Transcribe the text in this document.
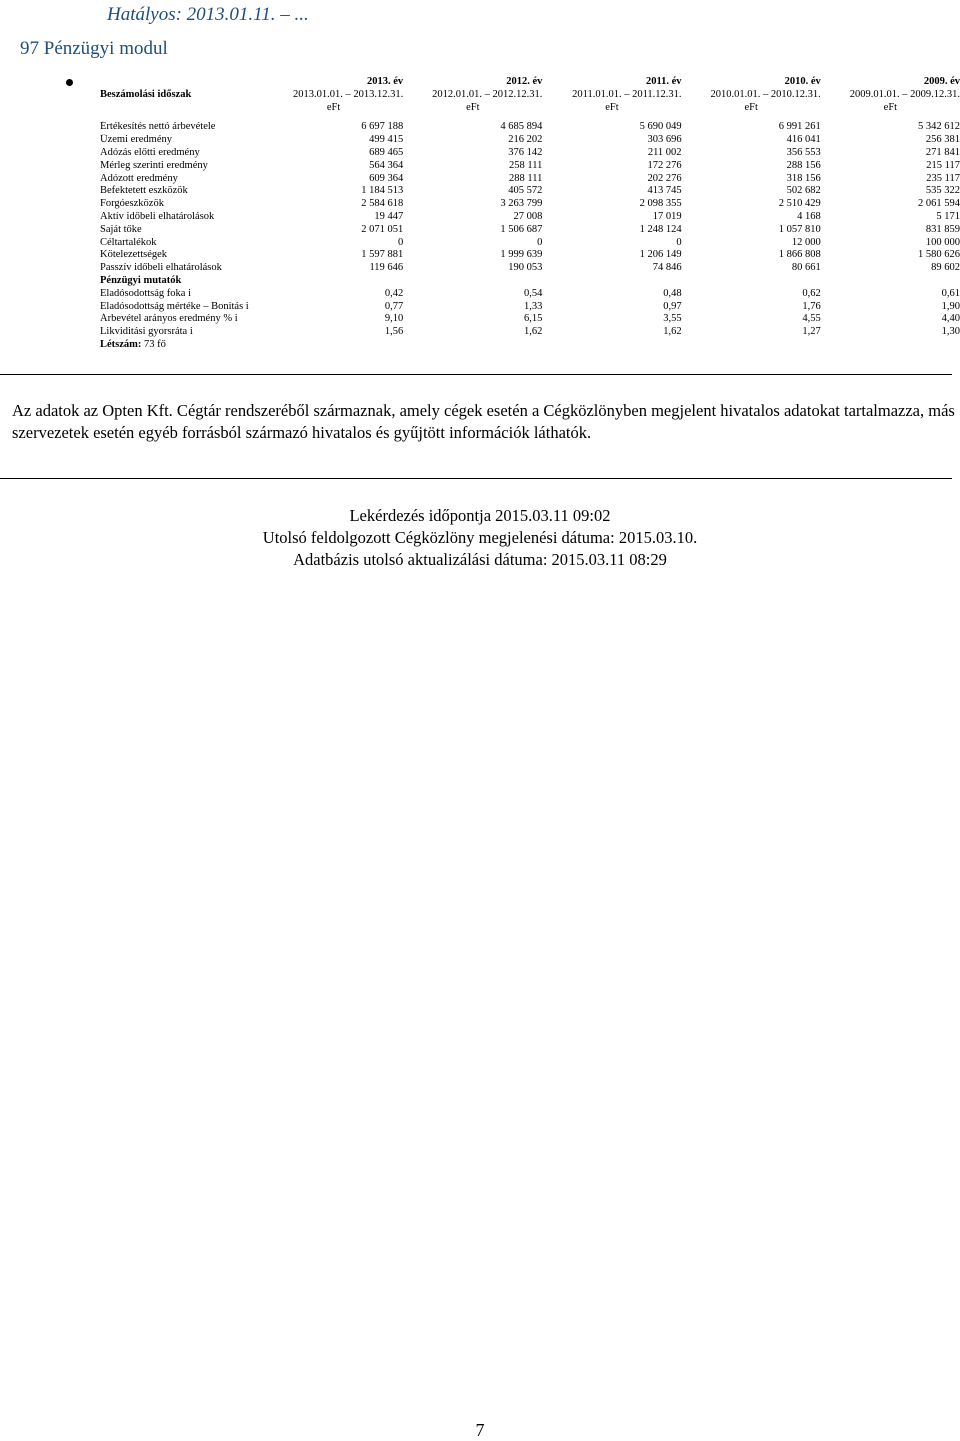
Hatályos: 2013.01.11. – ...
97 Pénzügyi modul
	2013. év	2012. év	2011. év	2010. év	2009. év
Beszámolási időszak	2013.01.01. – 2013.12.31.	2012.01.01. – 2012.12.31.	2011.01.01. – 2011.12.31.	2010.01.01. – 2010.12.31.	2009.01.01. – 2009.12.31.
	eFt	eFt	eFt	eFt	eFt

Értékesítés nettó árbevétele	6 697 188	4 685 894	5 690 049	6 991 261	5 342 612
Üzemi eredmény	499 415	216 202	303 696	416 041	256 381
Adózás előtti eredmény	689 465	376 142	211 002	356 553	271 841
Mérleg szerinti eredmény	564 364	258 111	172 276	288 156	215 117
Adózott eredmény	609 364	288 111	202 276	318 156	235 117
Befektetett eszközök	1 184 513	405 572	413 745	502 682	535 322
Forgóeszközök	2 584 618	3 263 799	2 098 355	2 510 429	2 061 594
Aktív időbeli elhatárolások	19 447	27 008	17 019	4 168	5 171
Saját tőke	2 071 051	1 506 687	1 248 124	1 057 810	831 859
Céltartalékok	0	0	0	12 000	100 000
Kötelezettségek	1 597 881	1 999 639	1 206 149	1 866 808	1 580 626
Passzív időbeli elhatárolások	119 646	190 053	74 846	80 661	89 602
Pénzügyi mutatók					
Eladósodottság foka i	0,42	0,54	0,48	0,62	0,61
Eladósodottság mértéke – Bonitás i	0,77	1,33	0,97	1,76	1,90
Árbevétel arányos eredmény % i	9,10	6,15	3,55	4,55	4,40
Likviditási gyorsráta i	1,56	1,62	1,62	1,27	1,30
Létszám: 73 fő					
Az adatok az Opten Kft. Cégtár rendszeréből származnak, amely cégek esetén a Cégközlönyben megjelent hivatalos adatokat tartalmazza, más szervezetek esetén egyéb forrásból származó hivatalos és gyűjtött információk láthatók.
Lekérdezés időpontja 2015.03.11 09:02
Utolsó feldolgozott Cégközlöny megjelenési dátuma: 2015.03.10.
Adatbázis utolsó aktualizálási dátuma: 2015.03.11 08:29
7
